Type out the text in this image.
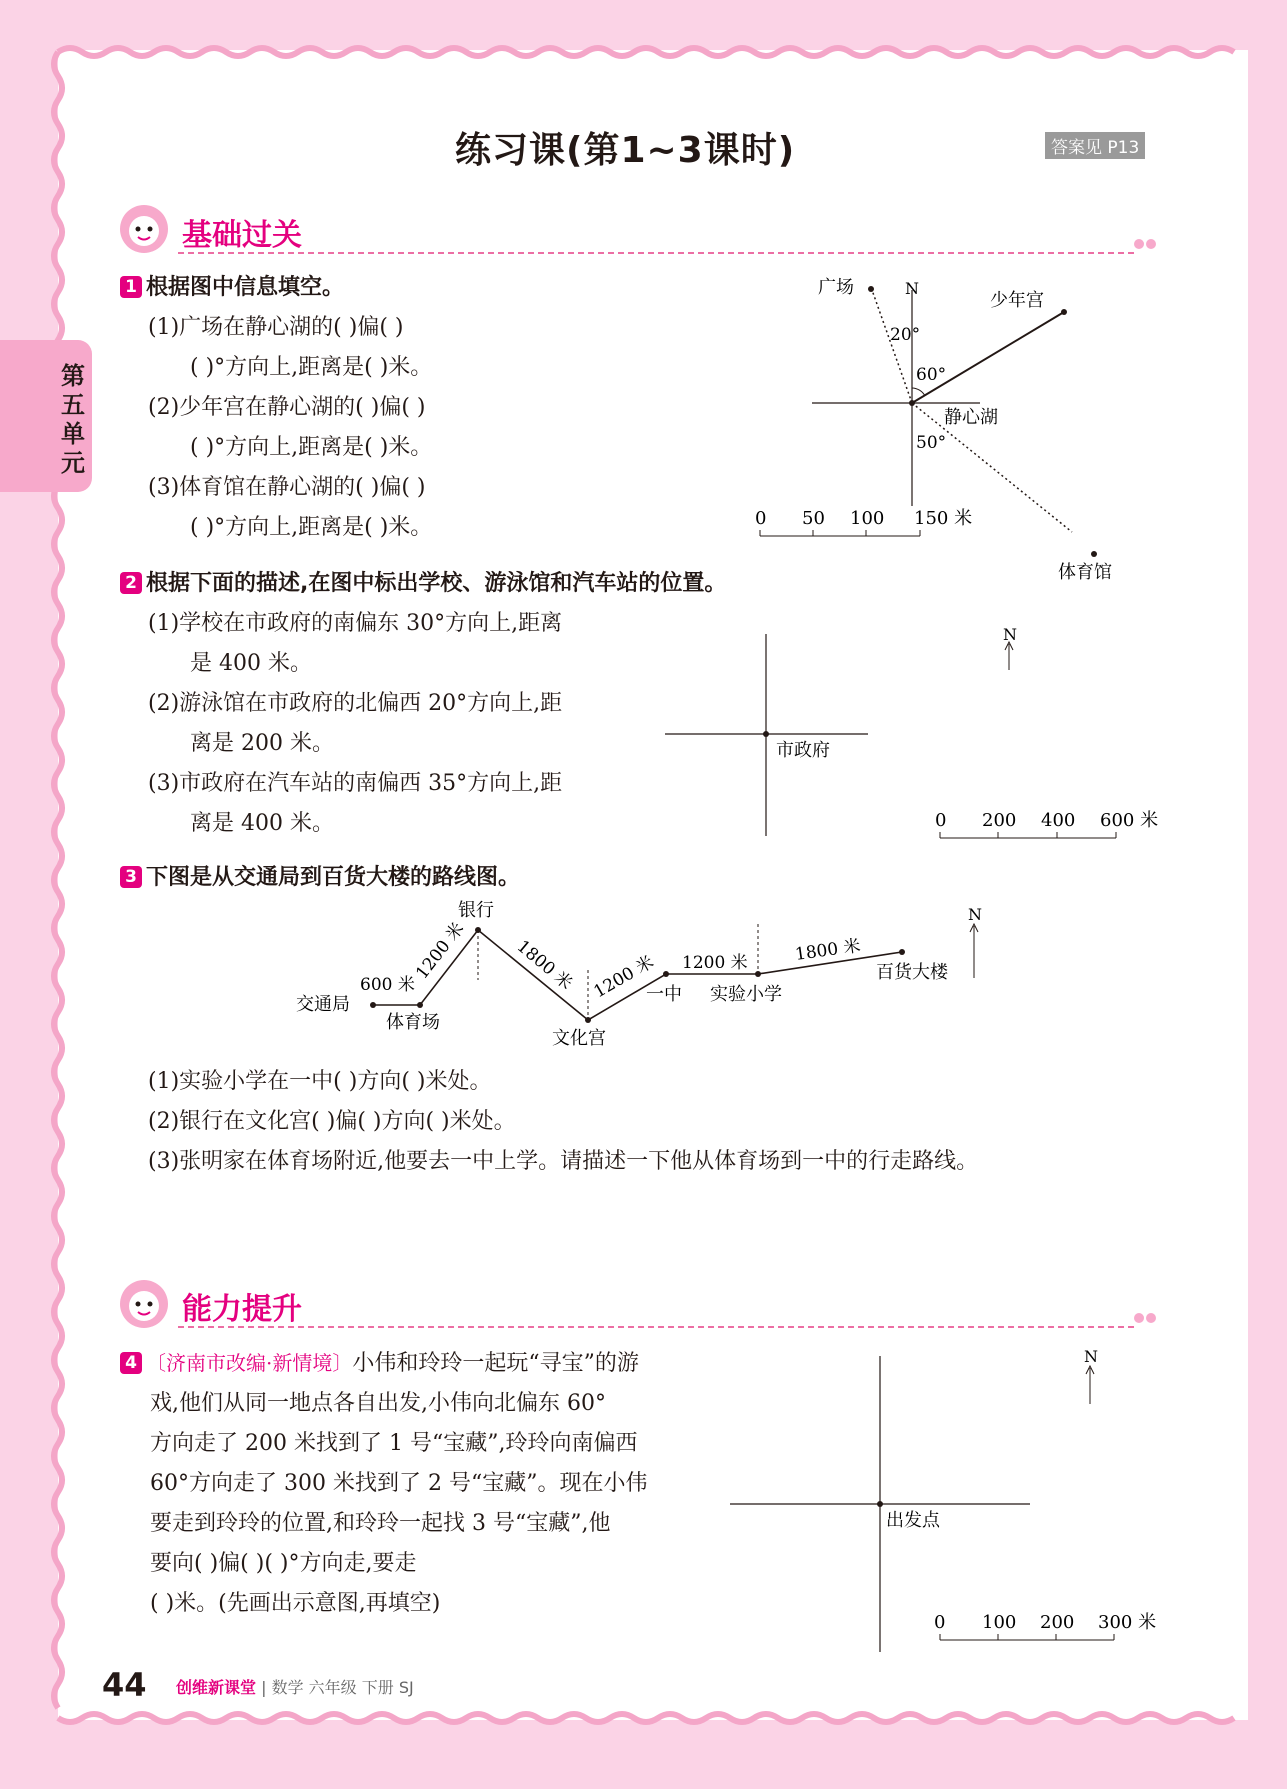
第五单元
练习课(第1~3课时)	答案见 P13
基础过关
1 根据图中信息填空。
(1)广场在静心湖的( )偏( )
( )°方向上,距离是( )米。
(2)少年宫在静心湖的( )偏( )
( )°方向上,距离是( )米。
(3)体育馆在静心湖的( )偏( )
( )°方向上,距离是( )米。
N
广场
少年宫
体育馆
20°
60°
静心湖
50°
0 50 100 150 米
2 根据下面的描述,在图中标出学校、游泳馆和汽车站的位置。
(1)学校在市政府的南偏东 30°方向上,距离
是 400 米。
(2)游泳馆在市政府的北偏西 20°方向上,距
离是 200 米。
(3)市政府在汽车站的南偏西 35°方向上,距
离是 400 米。
市政府
N
0 200 400 600 米
3 下图是从交通局到百货大楼的路线图。
交通局
体育场
银行
文化宫
一中 实验小学
百货大楼
600 米
1200 米	1800 米 1200 米 1200 米	1800 米
N
(1)实验小学在一中( )方向( )米处。
(2)银行在文化宫( )偏( )方向( )米处。
(3)张明家在体育场附近,他要去一中上学。请描述一下他从体育场到一中的行走路线。
能力提升
4 〔济南市改编·新情境〕小伟和玲玲一起玩“寻宝”的游
戏,他们从同一地点各自出发,小伟向北偏东 60°
方向走了 200 米找到了 1 号“宝藏”,玲玲向南偏西
60°方向走了 300 米找到了 2 号“宝藏”。现在小伟
要走到玲玲的位置,和玲玲一起找 3 号“宝藏”,他
要向( )偏( )( )°方向走,要走
( )米。(先画出示意图,再填空)
出发点
N
0 100 200 300 米
44 创维新课堂 | 数学 六年级 下册 SJ
